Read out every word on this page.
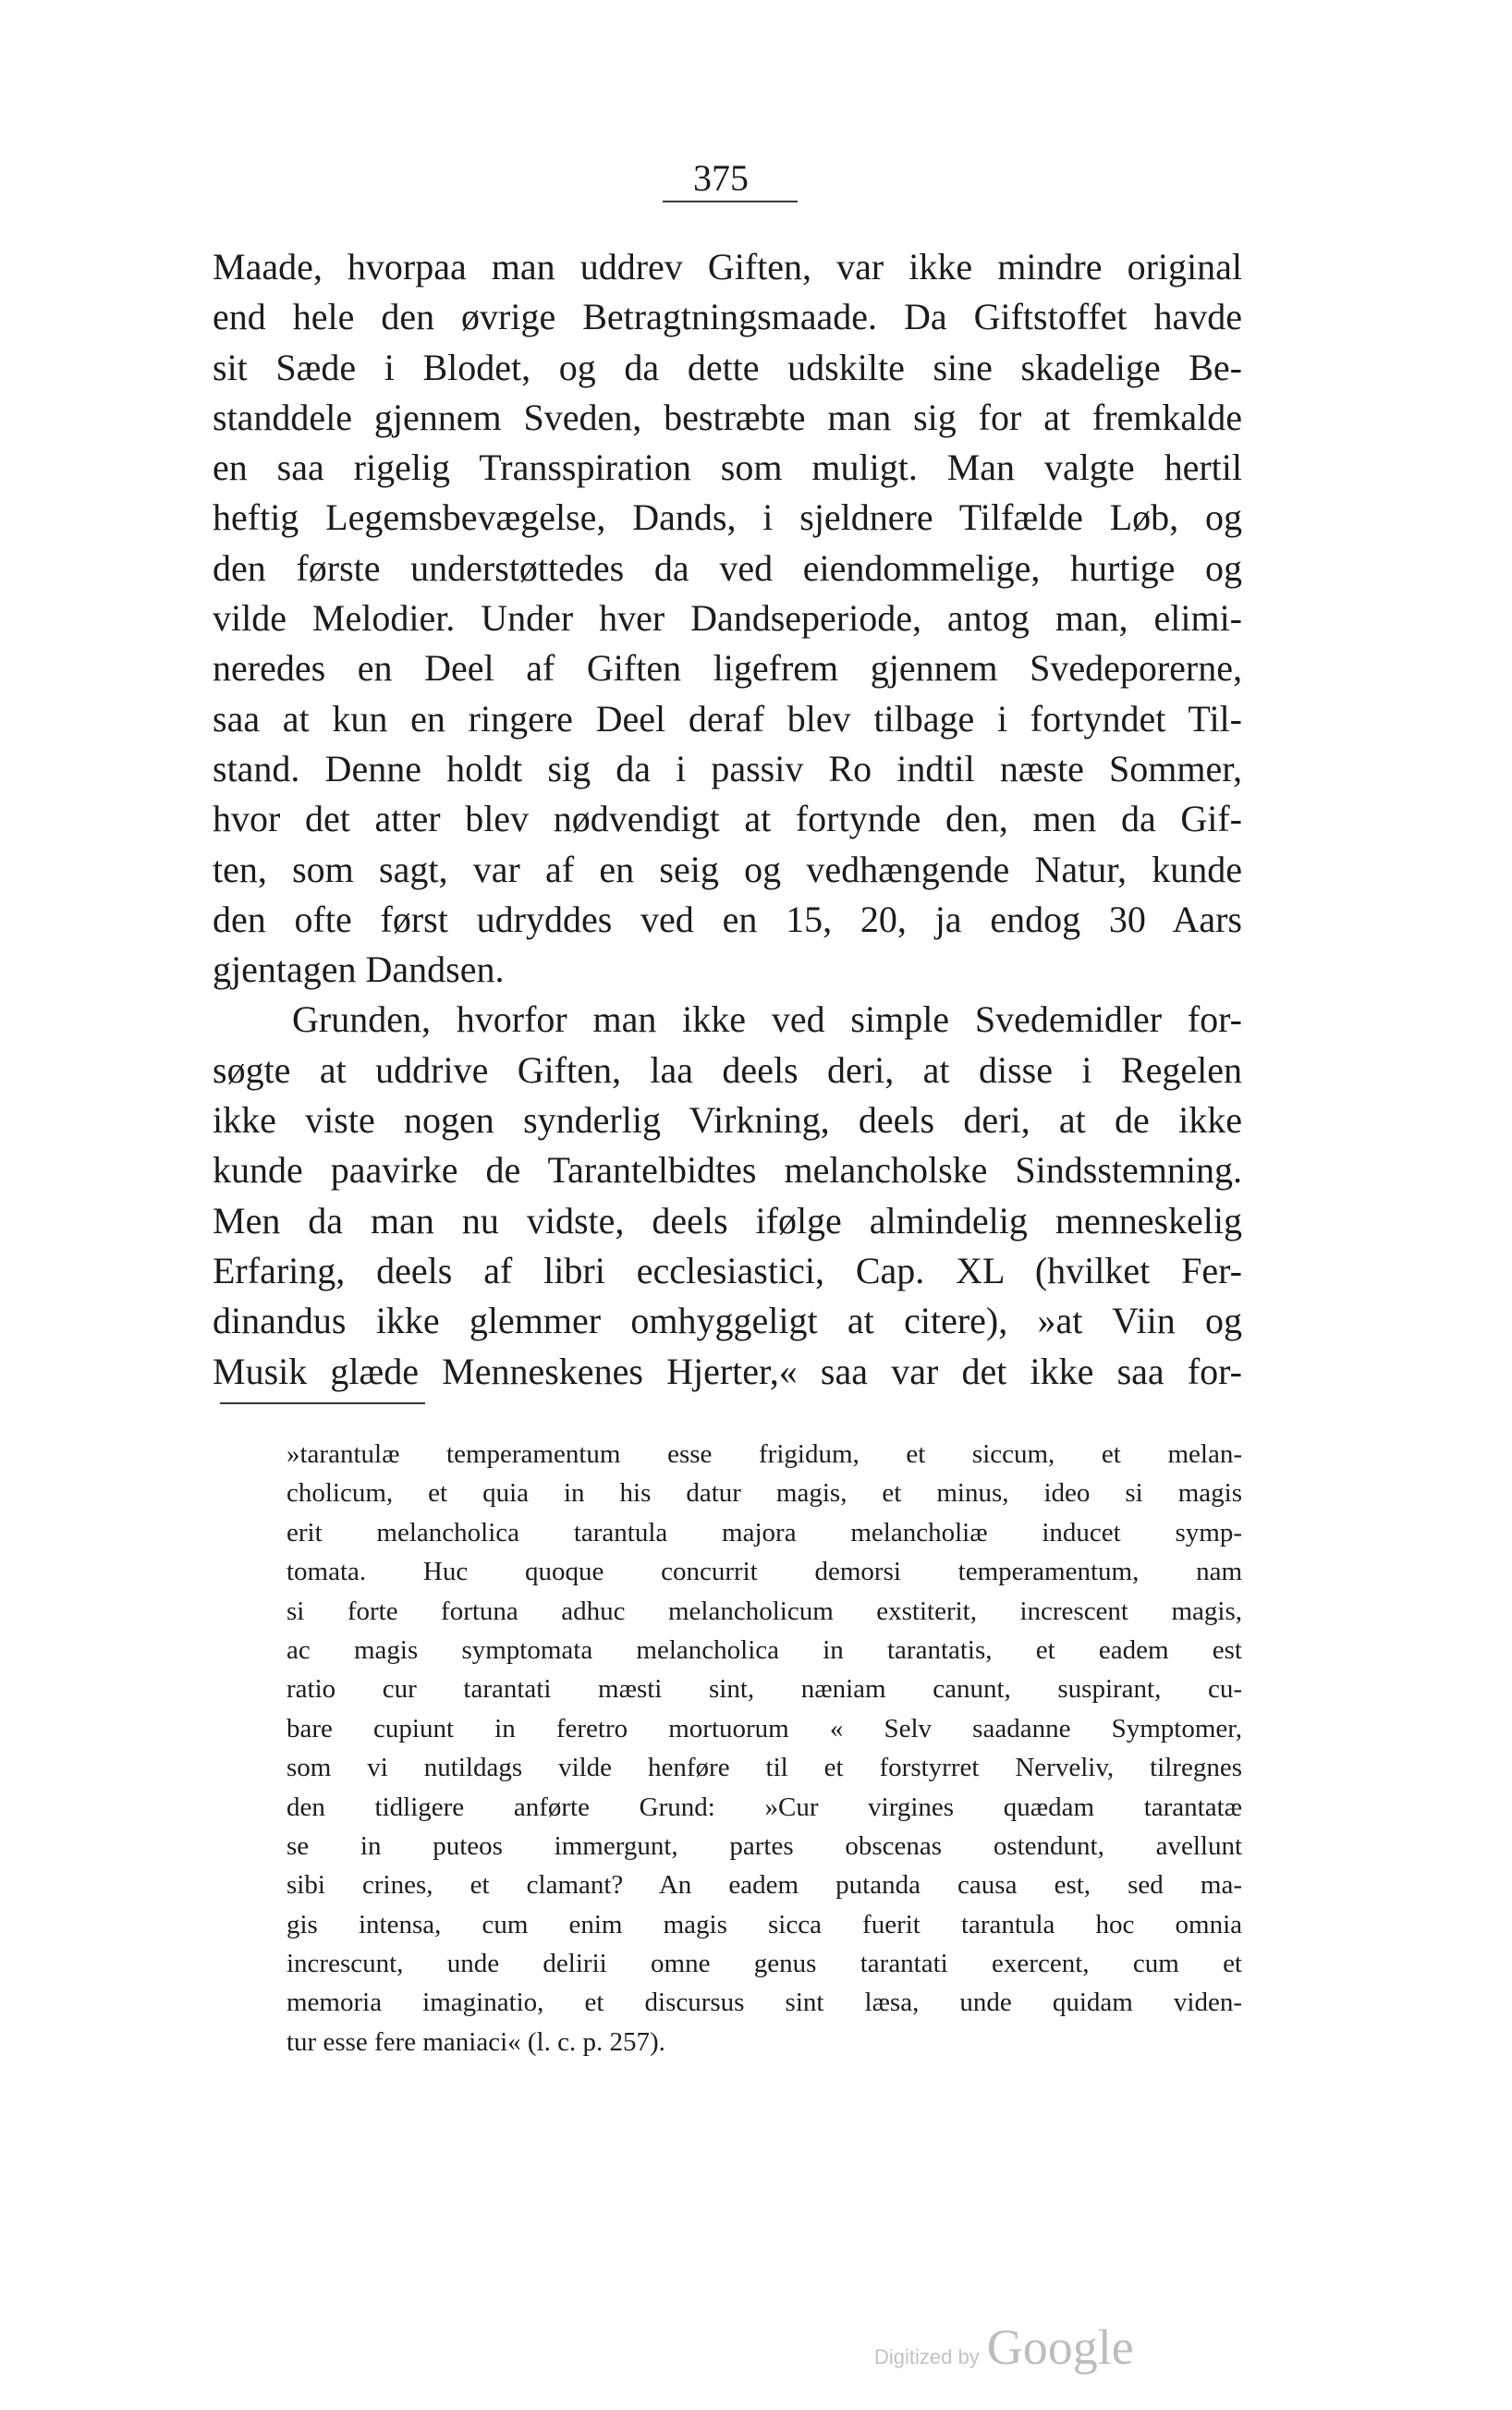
375
Maade, hvorpaa man uddrev Giften, var ikke mindre original
end hele den øvrige Betragtningsmaade. Da Giftstoffet havde
sit Sæde i Blodet, og da dette udskilte sine skadelige Be-
standdele gjennem Sveden, bestræbte man sig for at fremkalde
en saa rigelig Transspiration som muligt. Man valgte hertil
heftig Legemsbevægelse, Dands, i sjeldnere Tilfælde Løb, og
den første understøttedes da ved eiendommelige, hurtige og
vilde Melodier. Under hver Dandseperiode, antog man, elimi-
neredes en Deel af Giften ligefrem gjennem Svedeporerne,
saa at kun en ringere Deel deraf blev tilbage i fortyndet Til-
stand. Denne holdt sig da i passiv Ro indtil næste Sommer,
hvor det atter blev nødvendigt at fortynde den, men da Gif-
ten, som sagt, var af en seig og vedhængende Natur, kunde
den ofte først udryddes ved en 15, 20, ja endog 30 Aars
gjentagen Dandsen.
Grunden, hvorfor man ikke ved simple Svedemidler for-
søgte at uddrive Giften, laa deels deri, at disse i Regelen
ikke viste nogen synderlig Virkning, deels deri, at de ikke
kunde paavirke de Tarantelbidtes melancholske Sindsstemning.
Men da man nu vidste, deels ifølge almindelig menneskelig
Erfaring, deels af libri ecclesiastici, Cap. XL (hvilket Fer-
dinandus ikke glemmer omhyggeligt at citere), »at Viin og
Musik glæde Menneskenes Hjerter,« saa var det ikke saa for-
»tarantulæ temperamentum esse frigidum, et siccum, et melan-
cholicum, et quia in his datur magis, et minus, ideo si magis
erit melancholica tarantula majora melancholiæ inducet symp-
tomata. Huc quoque concurrit demorsi temperamentum, nam
si forte fortuna adhuc melancholicum exstiterit, increscent magis,
ac magis symptomata melancholica in tarantatis, et eadem est
ratio cur tarantati mæsti sint, næniam canunt, suspirant, cu-
bare cupiunt in feretro mortuorum « Selv saadanne Symptomer,
som vi nutildags vilde henføre til et forstyrret Nerveliv, tilregnes
den tidligere anførte Grund: »Cur virgines quædam tarantatæ
se in puteos immergunt, partes obscenas ostendunt, avellunt
sibi crines, et clamant? An eadem putanda causa est, sed ma-
gis intensa, cum enim magis sicca fuerit tarantula hoc omnia
increscunt, unde delirii omne genus tarantati exercent, cum et
memoria imaginatio, et discursus sint læsa, unde quidam viden-
tur esse fere maniaci« (l. c. p. 257).
Digitized by Google
